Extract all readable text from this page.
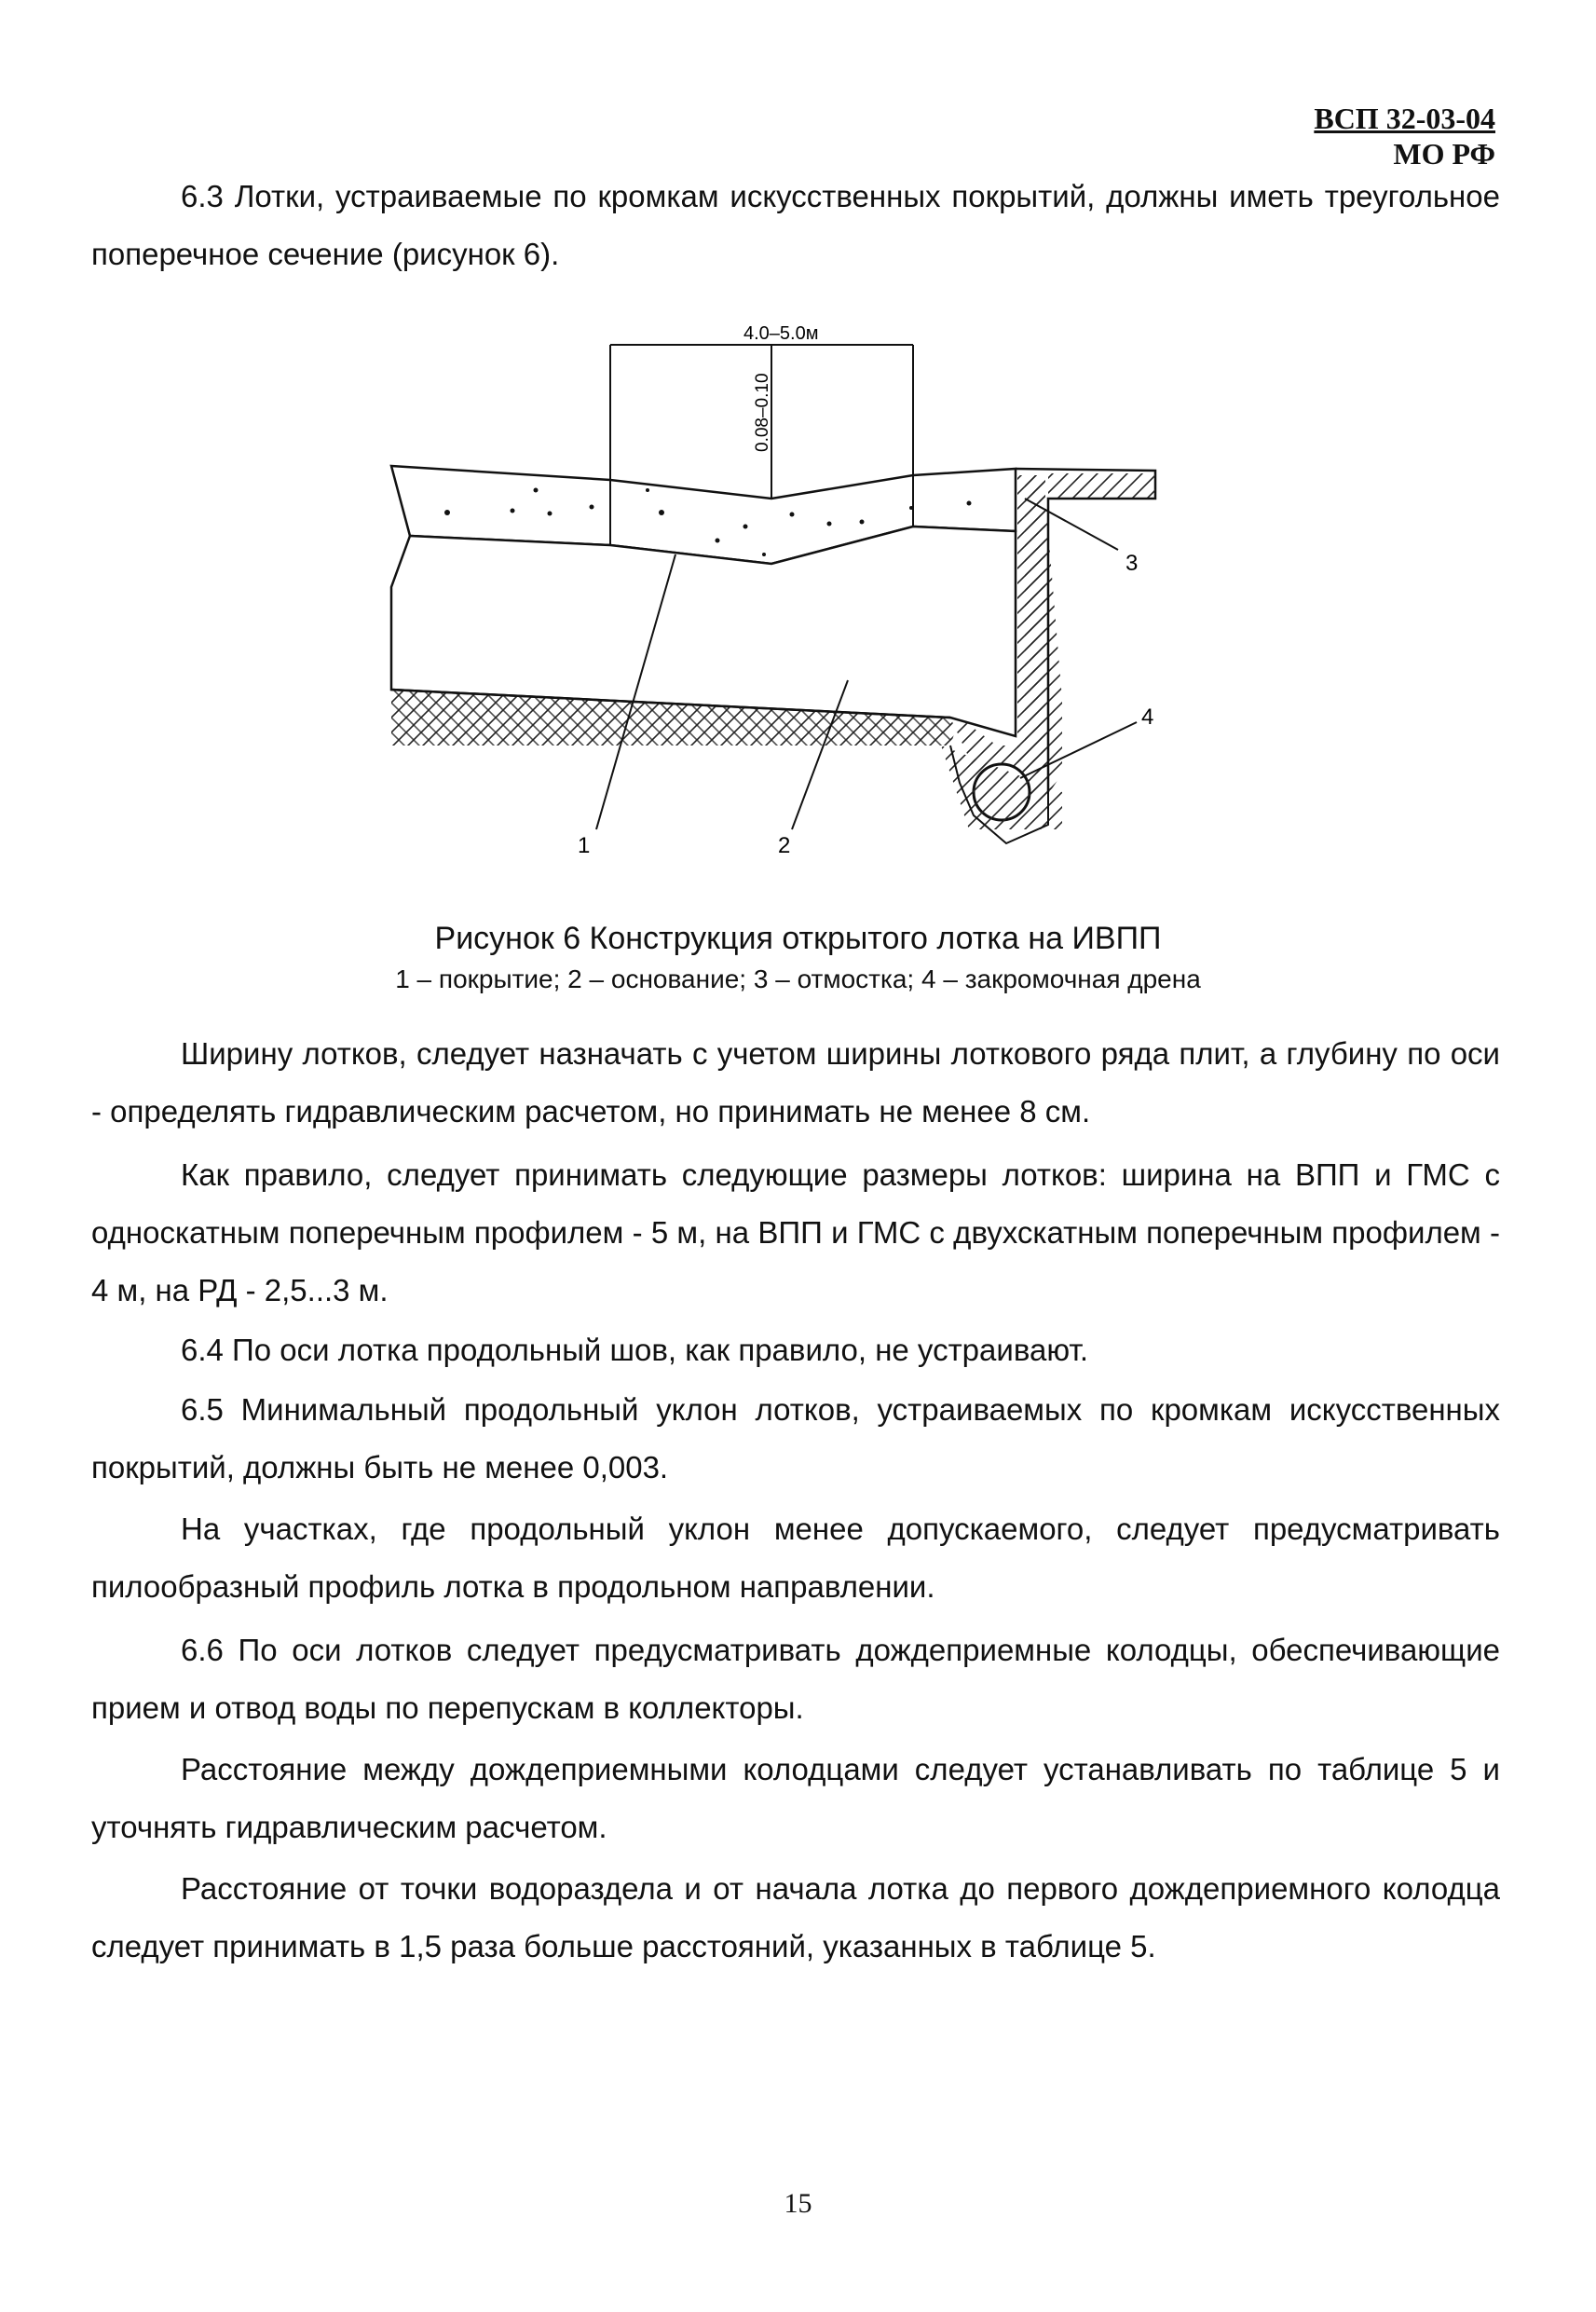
ВСП 32-03-04
МО РФ

6.3 Лотки, устраиваемые по кромкам искусственных покрытий, должны иметь треугольное поперечное сечение (рисунок 6).

4.0–5.0м
0.08–0.10
1	2
3
4
Рисунок 6 Конструкция открытого лотка на ИВПП
1 – покрытие; 2 – основание; 3 – отмостка; 4 – закромочная дрена

Ширину лотков, следует назначать с учетом ширины лоткового ряда плит, а глубину по оси - определять гидравлическим расчетом, но принимать не менее 8 см.

Как правило, следует принимать следующие размеры лотков: ширина на ВПП и ГМС с односкатным поперечным профилем - 5 м, на ВПП и ГМС с двухскатным поперечным профилем - 4 м, на РД - 2,5...3 м.

6.4 По оси лотка продольный шов, как правило, не устраивают.

6.5 Минимальный продольный уклон лотков, устраиваемых по кромкам искусственных покрытий, должны быть не менее 0,003.

На участках, где продольный уклон менее допускаемого, следует предусматривать пилообразный профиль лотка в продольном направлении.

6.6 По оси лотков следует предусматривать дождеприемные колодцы, обеспечивающие прием и отвод воды по перепускам в коллекторы.

Расстояние между дождеприемными колодцами следует устанавливать по таблице 5 и уточнять гидравлическим расчетом.

Расстояние от точки водораздела и от начала лотка до первого дождеприемного колодца следует принимать в 1,5 раза больше расстояний, указанных в таблице 5.

15
